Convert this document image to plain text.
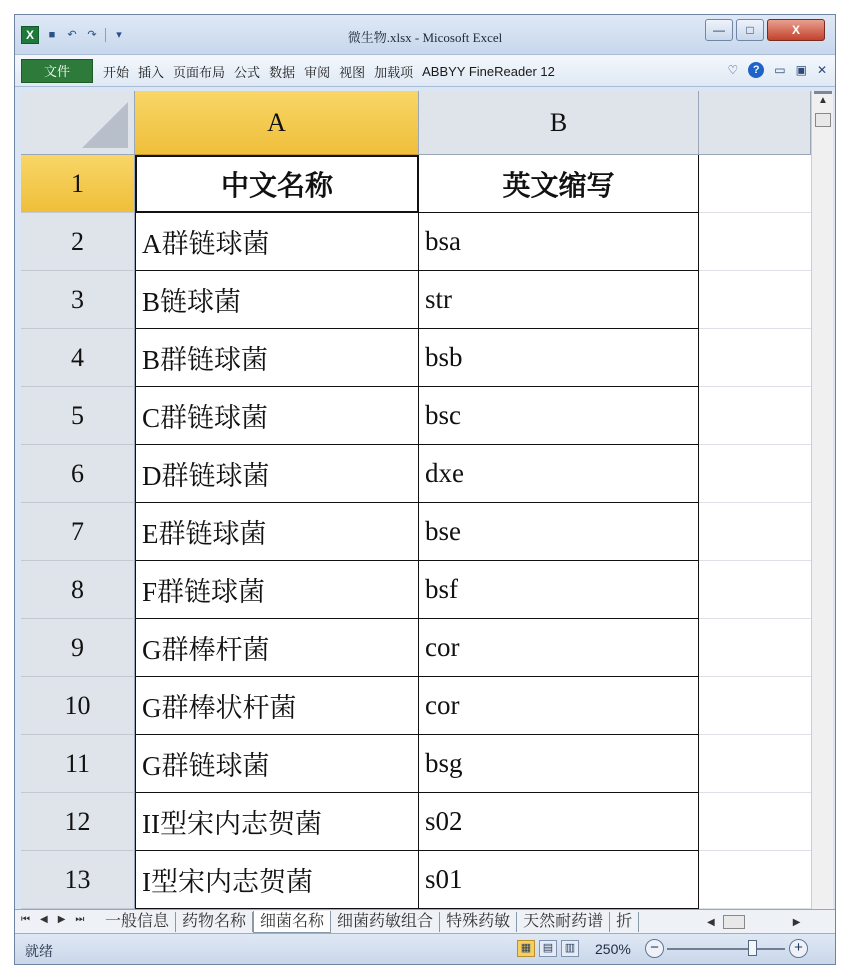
X	■	↶ ↷	▾	微生物.xlsx - Micosoft Excel	—	□	X
文件	开始 插入 页面布局 公式 数据 审阅 视图 加载项 ABBYY FineReader 12	♡	?	▭ ▣ ✕
A	B
1	中文名称	英文缩写
2	A群链球菌	bsa
3	B链球菌	str
4	B群链球菌	bsb
5	C群链球菌	bsc
6	D群链球菌	dxe
7	E群链球菌	bse
8	F群链球菌	bsf
9	G群棒杆菌	cor
10	G群棒状杆菌	cor
11	G群链球菌	bsg
12	II型宋内志贺菌	s02
13	I型宋内志贺菌	s01
▲
⏮ ◀ ▶ ⏭	一般信息 药物名称 细菌名称 细菌药敏组合 特殊药敏 天然耐药谱 折	◀	▶
就绪	▦	▤	▥ 250%	−	+
